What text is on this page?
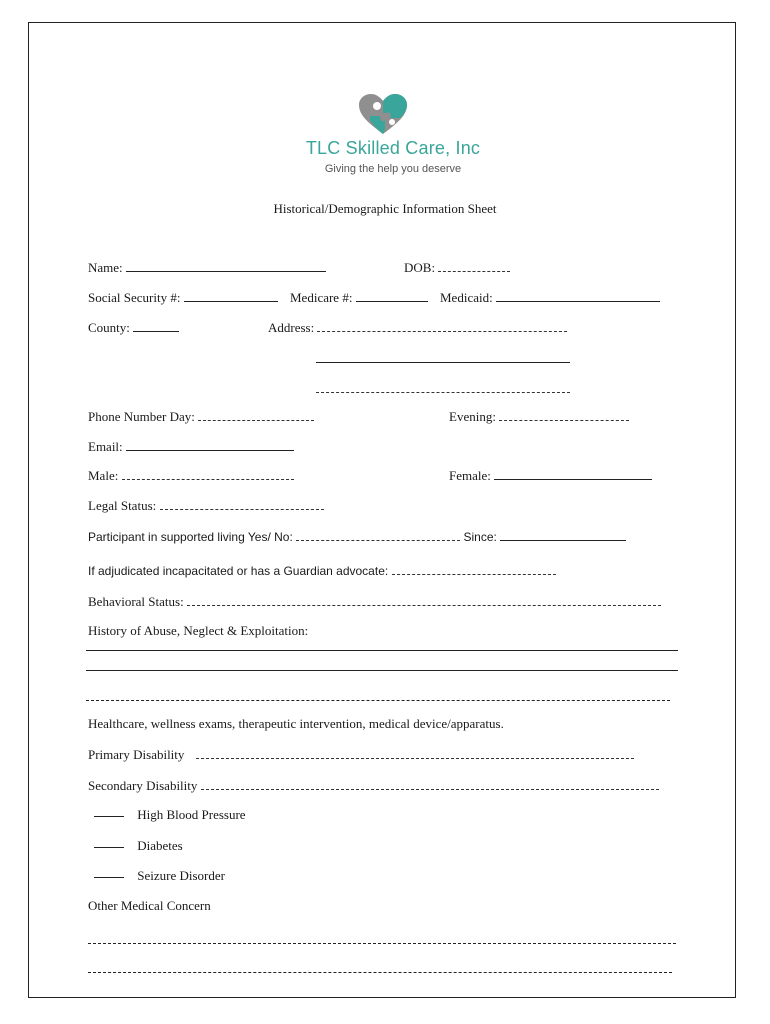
TLC Skilled Care, Inc
Giving the help you deserve
Historical/Demographic Information Sheet
Name:	DOB:
Social Security #:	Medicare #:	Medicaid:
County:	Address:
Phone Number Day:	Evening:
Email:
Male:	Female:
Legal Status:
Participant in supported living Yes/ No:	Since:
If adjudicated incapacitated or has a Guardian advocate:
Behavioral Status:
History of Abuse, Neglect & Exploitation:
Healthcare, wellness exams, therapeutic intervention, medical device/apparatus.
Primary Disability
Secondary Disability
High Blood Pressure
Diabetes
Seizure Disorder
Other Medical Concern
